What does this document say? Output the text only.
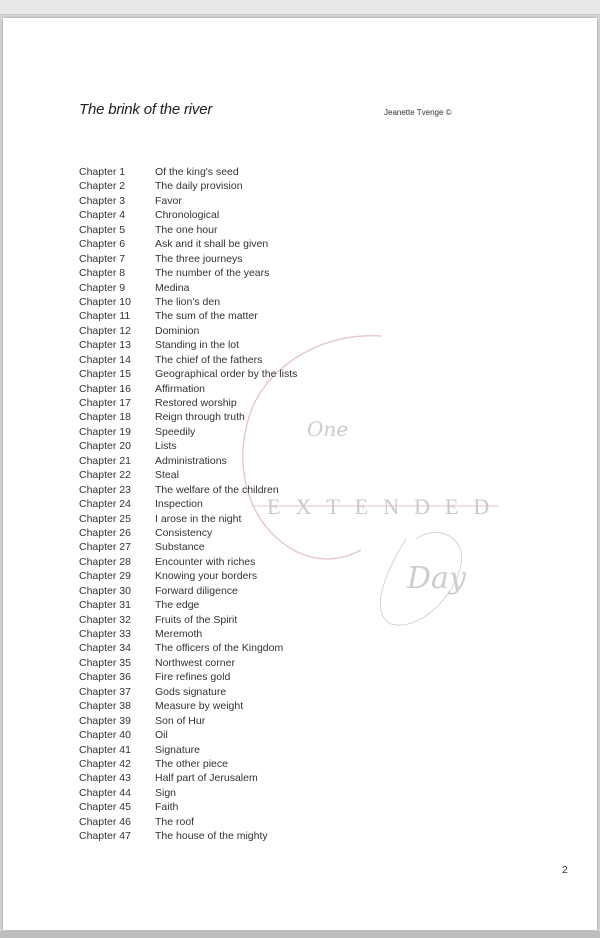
The brink of the river	Jeanette Tvenge ©
One
EXTENDED
Day
Chapter 1	Of the king's seed
Chapter 2	The daily provision
Chapter 3	Favor
Chapter 4	Chronological
Chapter 5	The one hour
Chapter 6	Ask and it shall be given
Chapter 7	The three journeys
Chapter 8	The number of the years
Chapter 9	Medina
Chapter 10 The lion's den
Chapter 11 The sum of the matter
Chapter 12 Dominion
Chapter 13 Standing in the lot
Chapter 14 The chief of the fathers
Chapter 15 Geographical order by the lists
Chapter 16 Affirmation
Chapter 17 Restored worship
Chapter 18 Reign through truth
Chapter 19 Speedily
Chapter 20 Lists
Chapter 21 Administrations
Chapter 22 Steal
Chapter 23 The welfare of the children
Chapter 24 Inspection
Chapter 25 I arose in the night
Chapter 26 Consistency
Chapter 27 Substance
Chapter 28 Encounter with riches
Chapter 29 Knowing your borders
Chapter 30 Forward diligence
Chapter 31 The edge
Chapter 32 Fruits of the Spirit
Chapter 33 Meremoth
Chapter 34 The officers of the Kingdom
Chapter 35 Northwest corner
Chapter 36 Fire refines gold
Chapter 37 Gods signature
Chapter 38 Measure by weight
Chapter 39 Son of Hur
Chapter 40 Oil
Chapter 41 Signature
Chapter 42 The other piece
Chapter 43 Half part of Jerusalem
Chapter 44 Sign
Chapter 45 Faith
Chapter 46 The roof
Chapter 47 The house of the mighty
2
